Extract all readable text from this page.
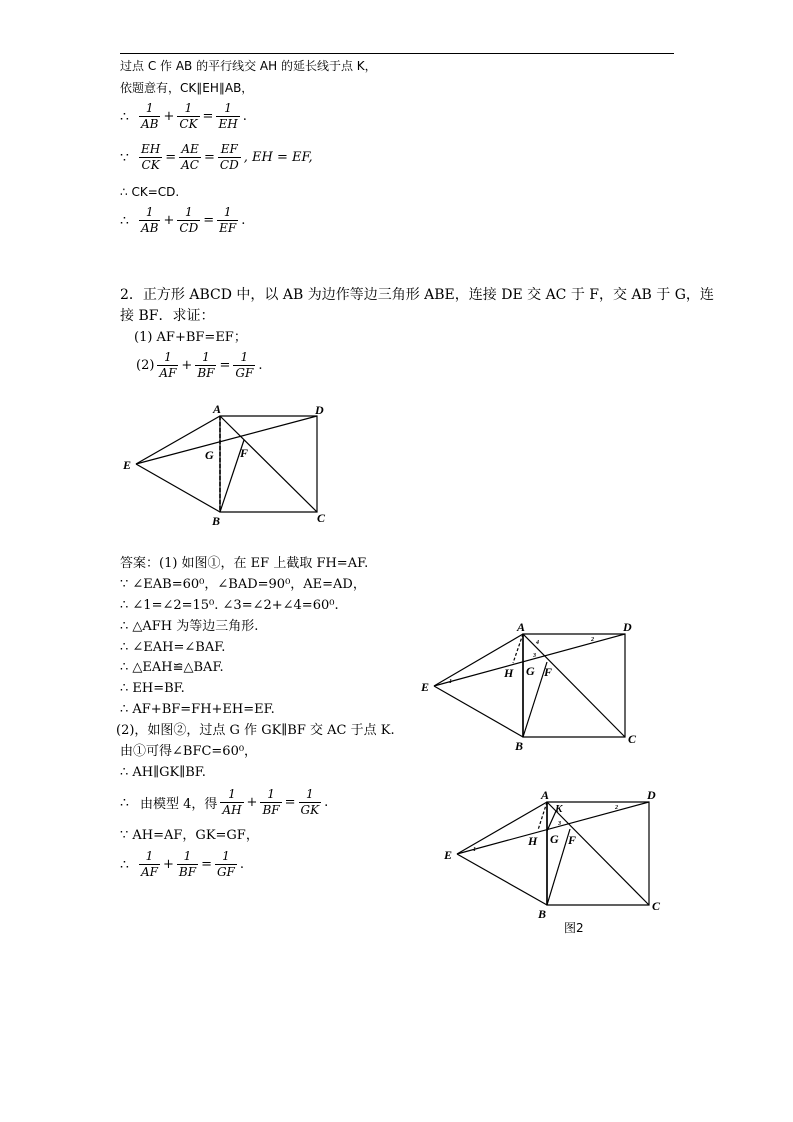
过点 C 作 AB 的平行线交 AH 的延长线于点 K，
依题意有，CK∥EH∥AB，
∴ $\frac{1}{AB} + \frac{1}{CK} = \frac{1}{EH}$ .
∵ $\frac{EH}{CK} = \frac{AE}{AC} = \frac{EF}{CD}$ , EH = EF,
∴ CK=CD.
∴ $\frac{1}{AB} + \frac{1}{CD} = \frac{1}{EF}$ .
2．正方形 ABCD 中，以 AB 为边作等边三角形 ABE，连接 DE 交 AC 于 F，交 AB 于 G，连
接 BF．求证：
(1) AF+BF=EF；
$(2) \frac{1}{AF} + \frac{1}{BF} = \frac{1}{GF}$ .
A	D
E
G F
B	C
A	D
E
H G F
B	C
1
2
3
4
A	D
K
E
H G F
B
C
1
2
3
图2
答案：(1) 如图①，在 EF 上截取 FH=AF.
∵ ∠EAB=60⁰，∠BAD=90⁰，AE=AD，
∴ ∠1=∠2=15⁰. ∠3=∠2+∠4=60⁰.
∴ △AFH 为等边三角形.
∴ ∠EAH=∠BAF.
∴ △EAH≌△BAF.
∴ EH=BF.
∴ AF+BF=FH+EH=EF.
(2)，如图②，过点 G 作 GK∥BF 交 AC 于点 K.
由①可得∠BFC=60⁰，
∴ AH∥GK∥BF.
∴ 由模型 4，得 $\frac{1}{AH} + \frac{1}{BF} = \frac{1}{GK}$ .
∵ AH=AF，GK=GF，
∴ $\frac{1}{AF} + \frac{1}{BF} = \frac{1}{GF}$ .
